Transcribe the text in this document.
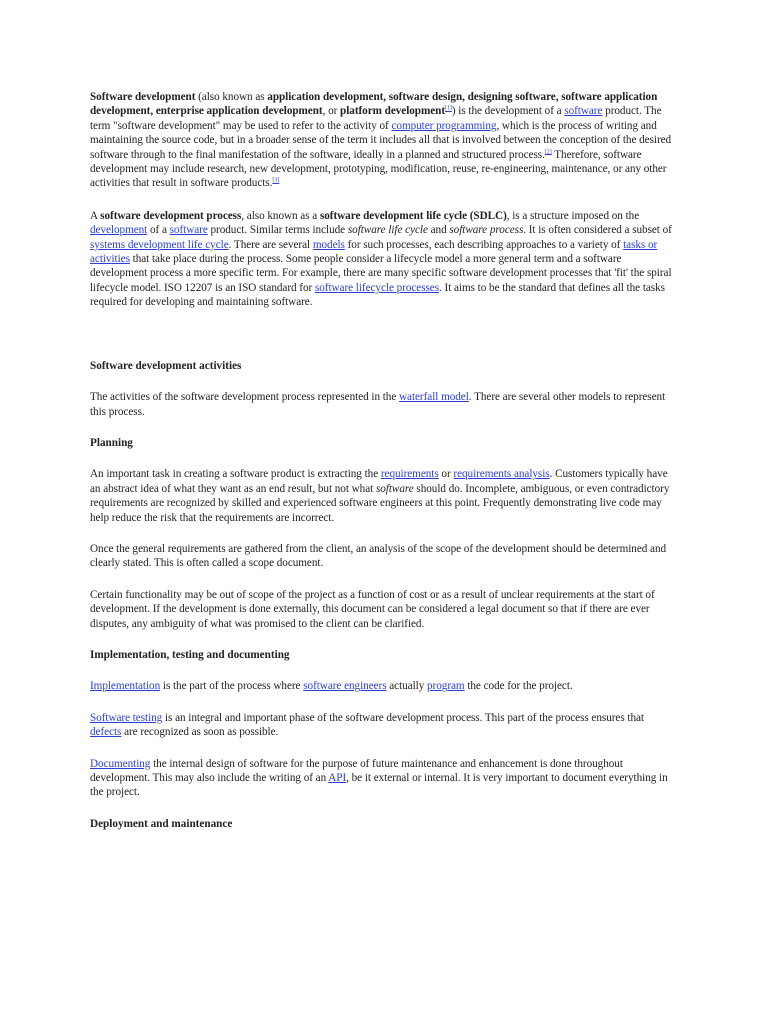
Software development (also known as application development, software design, designing software, software application development, enterprise application development, or platform development[1]) is the development of a software product. The term "software development" may be used to refer to the activity of computer programming, which is the process of writing and maintaining the source code, but in a broader sense of the term it includes all that is involved between the conception of the desired software through to the final manifestation of the software, ideally in a planned and structured process.[2] Therefore, software development may include research, new development, prototyping, modification, reuse, re-engineering, maintenance, or any other activities that result in software products.[3]

A software development process, also known as a software development life cycle (SDLC), is a structure imposed on the development of a software product. Similar terms include software life cycle and software process. It is often considered a subset of systems development life cycle. There are several models for such processes, each describing approaches to a variety of tasks or activities that take place during the process. Some people consider a lifecycle model a more general term and a software development process a more specific term. For example, there are many specific software development processes that 'fit' the spiral lifecycle model. ISO 12207 is an ISO standard for software lifecycle processes. It aims to be the standard that defines all the tasks required for developing and maintaining software.

Software development activities

The activities of the software development process represented in the waterfall model. There are several other models to represent this process.

Planning

An important task in creating a software product is extracting the requirements or requirements analysis. Customers typically have an abstract idea of what they want as an end result, but not what software should do. Incomplete, ambiguous, or even contradictory requirements are recognized by skilled and experienced software engineers at this point. Frequently demonstrating live code may help reduce the risk that the requirements are incorrect.

Once the general requirements are gathered from the client, an analysis of the scope of the development should be determined and clearly stated. This is often called a scope document.

Certain functionality may be out of scope of the project as a function of cost or as a result of unclear requirements at the start of development. If the development is done externally, this document can be considered a legal document so that if there are ever disputes, any ambiguity of what was promised to the client can be clarified.

Implementation, testing and documenting

Implementation is the part of the process where software engineers actually program the code for the project.

Software testing is an integral and important phase of the software development process. This part of the process ensures that defects are recognized as soon as possible.

Documenting the internal design of software for the purpose of future maintenance and enhancement is done throughout development. This may also include the writing of an API, be it external or internal. It is very important to document everything in the project.

Deployment and maintenance
